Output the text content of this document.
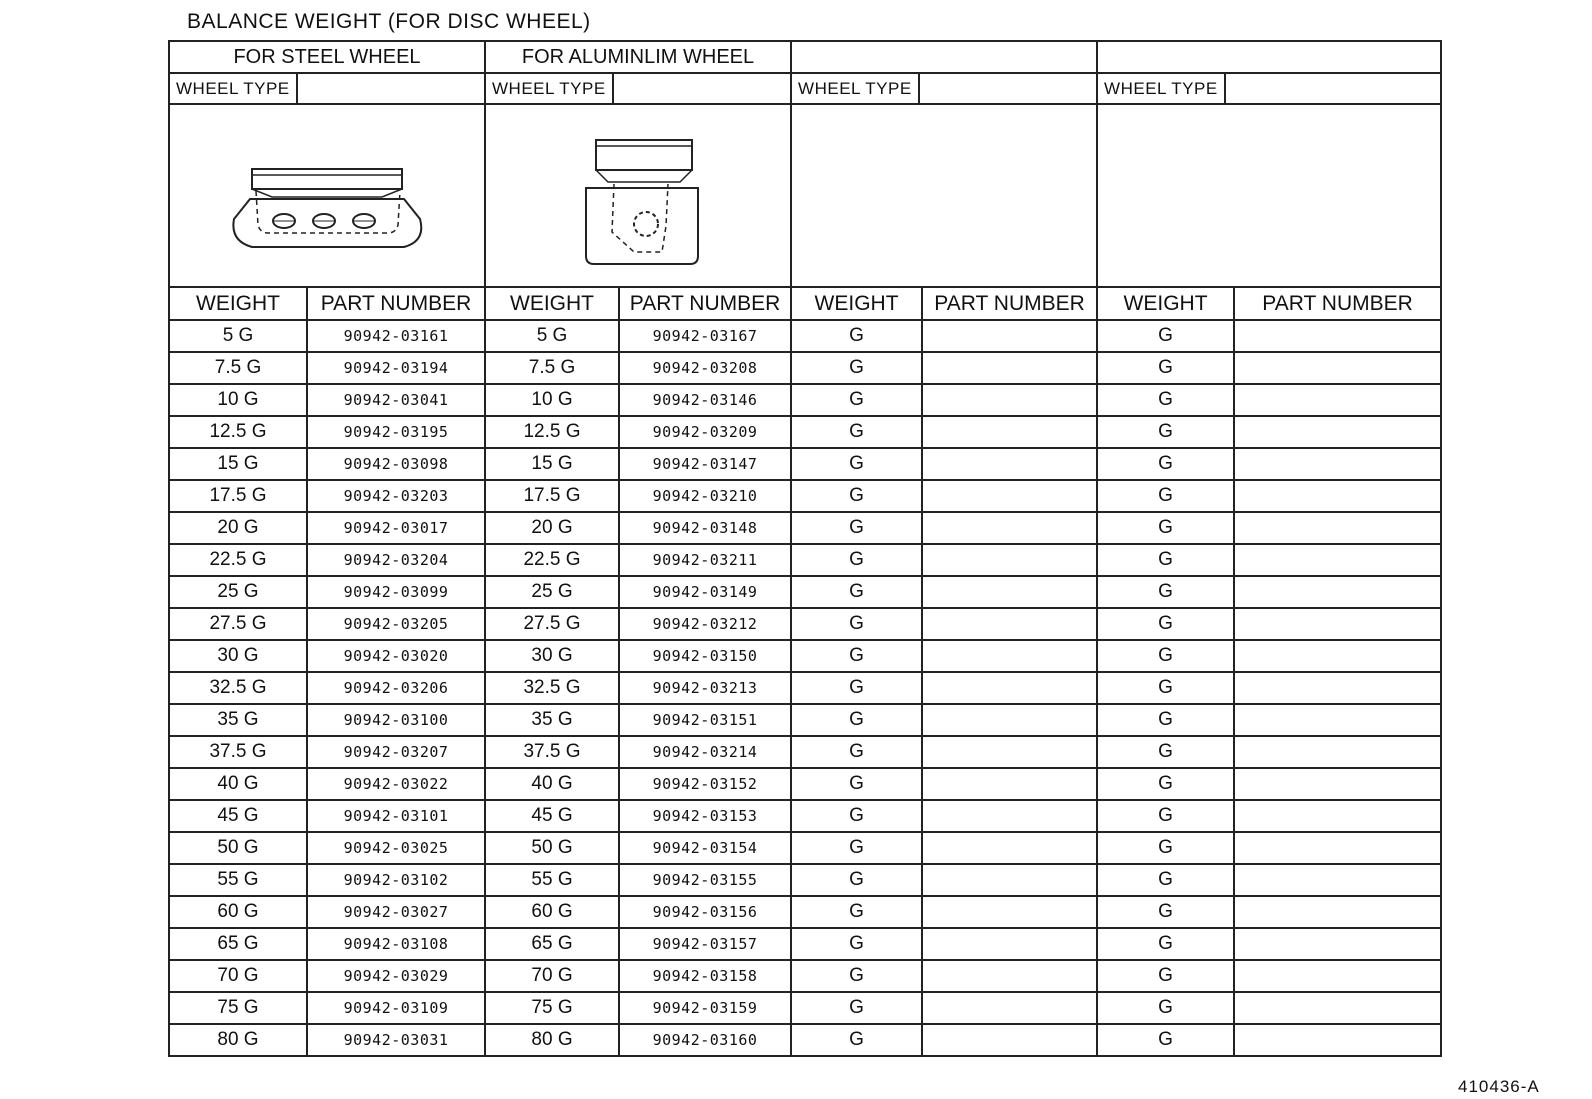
BALANCE WEIGHT (FOR DISC WHEEL)
FOR STEEL WHEEL		FOR ALUMINLIM WHEEL					

WHEEL TYPE		WHEEL TYPE		WHEEL TYPE		WHEEL TYPE	

WEIGHT	PART NUMBER	WEIGHT	PART NUMBER	WEIGHT	PART NUMBER	WEIGHT	PART NUMBER
5 G	90942-03161	5 G	90942-03167	G		G	
7.5 G	90942-03194	7.5 G	90942-03208	G		G	
10 G	90942-03041	10 G	90942-03146	G		G	
12.5 G	90942-03195	12.5 G	90942-03209	G		G	
15 G	90942-03098	15 G	90942-03147	G		G	
17.5 G	90942-03203	17.5 G	90942-03210	G		G	
20 G	90942-03017	20 G	90942-03148	G		G	
22.5 G	90942-03204	22.5 G	90942-03211	G		G	
25 G	90942-03099	25 G	90942-03149	G		G	
27.5 G	90942-03205	27.5 G	90942-03212	G		G	
30 G	90942-03020	30 G	90942-03150	G		G	
32.5 G	90942-03206	32.5 G	90942-03213	G		G	
35 G	90942-03100	35 G	90942-03151	G		G	
37.5 G	90942-03207	37.5 G	90942-03214	G		G	
40 G	90942-03022	40 G	90942-03152	G		G	
45 G	90942-03101	45 G	90942-03153	G		G	
50 G	90942-03025	50 G	90942-03154	G		G	
55 G	90942-03102	55 G	90942-03155	G		G	
60 G	90942-03027	60 G	90942-03156	G		G	
65 G	90942-03108	65 G	90942-03157	G		G	
70 G	90942-03029	70 G	90942-03158	G		G	
75 G	90942-03109	75 G	90942-03159	G		G	
80 G	90942-03031	80 G	90942-03160	G		G	
410436-A
